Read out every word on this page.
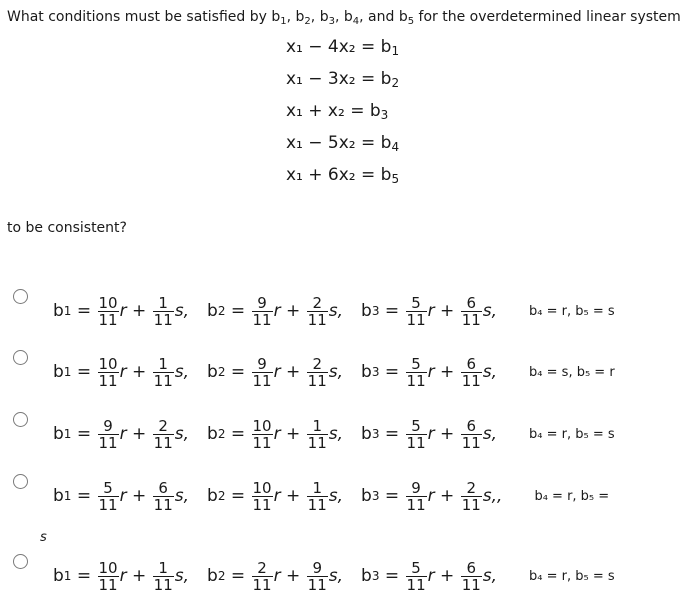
What conditions must be satisfied by $b_1$, $b_2$, $b_3$, $b_4$, and $b_5$ for the overdetermined linear system
$x_1 - 4x_2 = b_1$
$x_1 - 3x_2 = b_2$
$x_1 + x_2 = b_3$
$x_1 - 5x_2 = b_4$
$x_1 + 6x_2 = b_5$
to be consistent?
s
b $1 = \frac{10}{11}$ r
+
$\frac{1}{11} s$, b $2 = \frac{9}{11}$ r
+
$\frac{2}{11} s$, b $3 = \frac{5}{11}$ r
+
$\frac{6}{11} s$, b₄ = r, b₅ = s
b $1 = \frac{10}{11}$ r
+
$\frac{1}{11} s$, b $2 = \frac{9}{11}$ r
+
$\frac{2}{11} s$, b $3 = \frac{5}{11}$ r
+
$\frac{6}{11} s$, b₄ = s, b₅ = r
b $1 = \frac{9}{11}$ r
+
$\frac{2}{11} s$, b $2 = \frac{10}{11}$ r
+
$\frac{1}{11} s$, b $3 = \frac{5}{11}$ r
+
$\frac{6}{11} s$, b₄ = r, b₅ = s
b $1 = \frac{5}{11}$ r
+
$\frac{6}{11} s$, b $2 = \frac{10}{11}$ r
+
$\frac{1}{11} s$, b $3 = \frac{9}{11}$ r
+
$\frac{2}{11} s$,, b₄ = r, b₅ =
b $1 = \frac{10}{11}$ r
+
$\frac{1}{11} s$, b $2 = \frac{2}{11}$ r
+
$\frac{9}{11} s$, b $3 = \frac{5}{11}$ r
+
$\frac{6}{11} s$, b₄ = r, b₅ = s
